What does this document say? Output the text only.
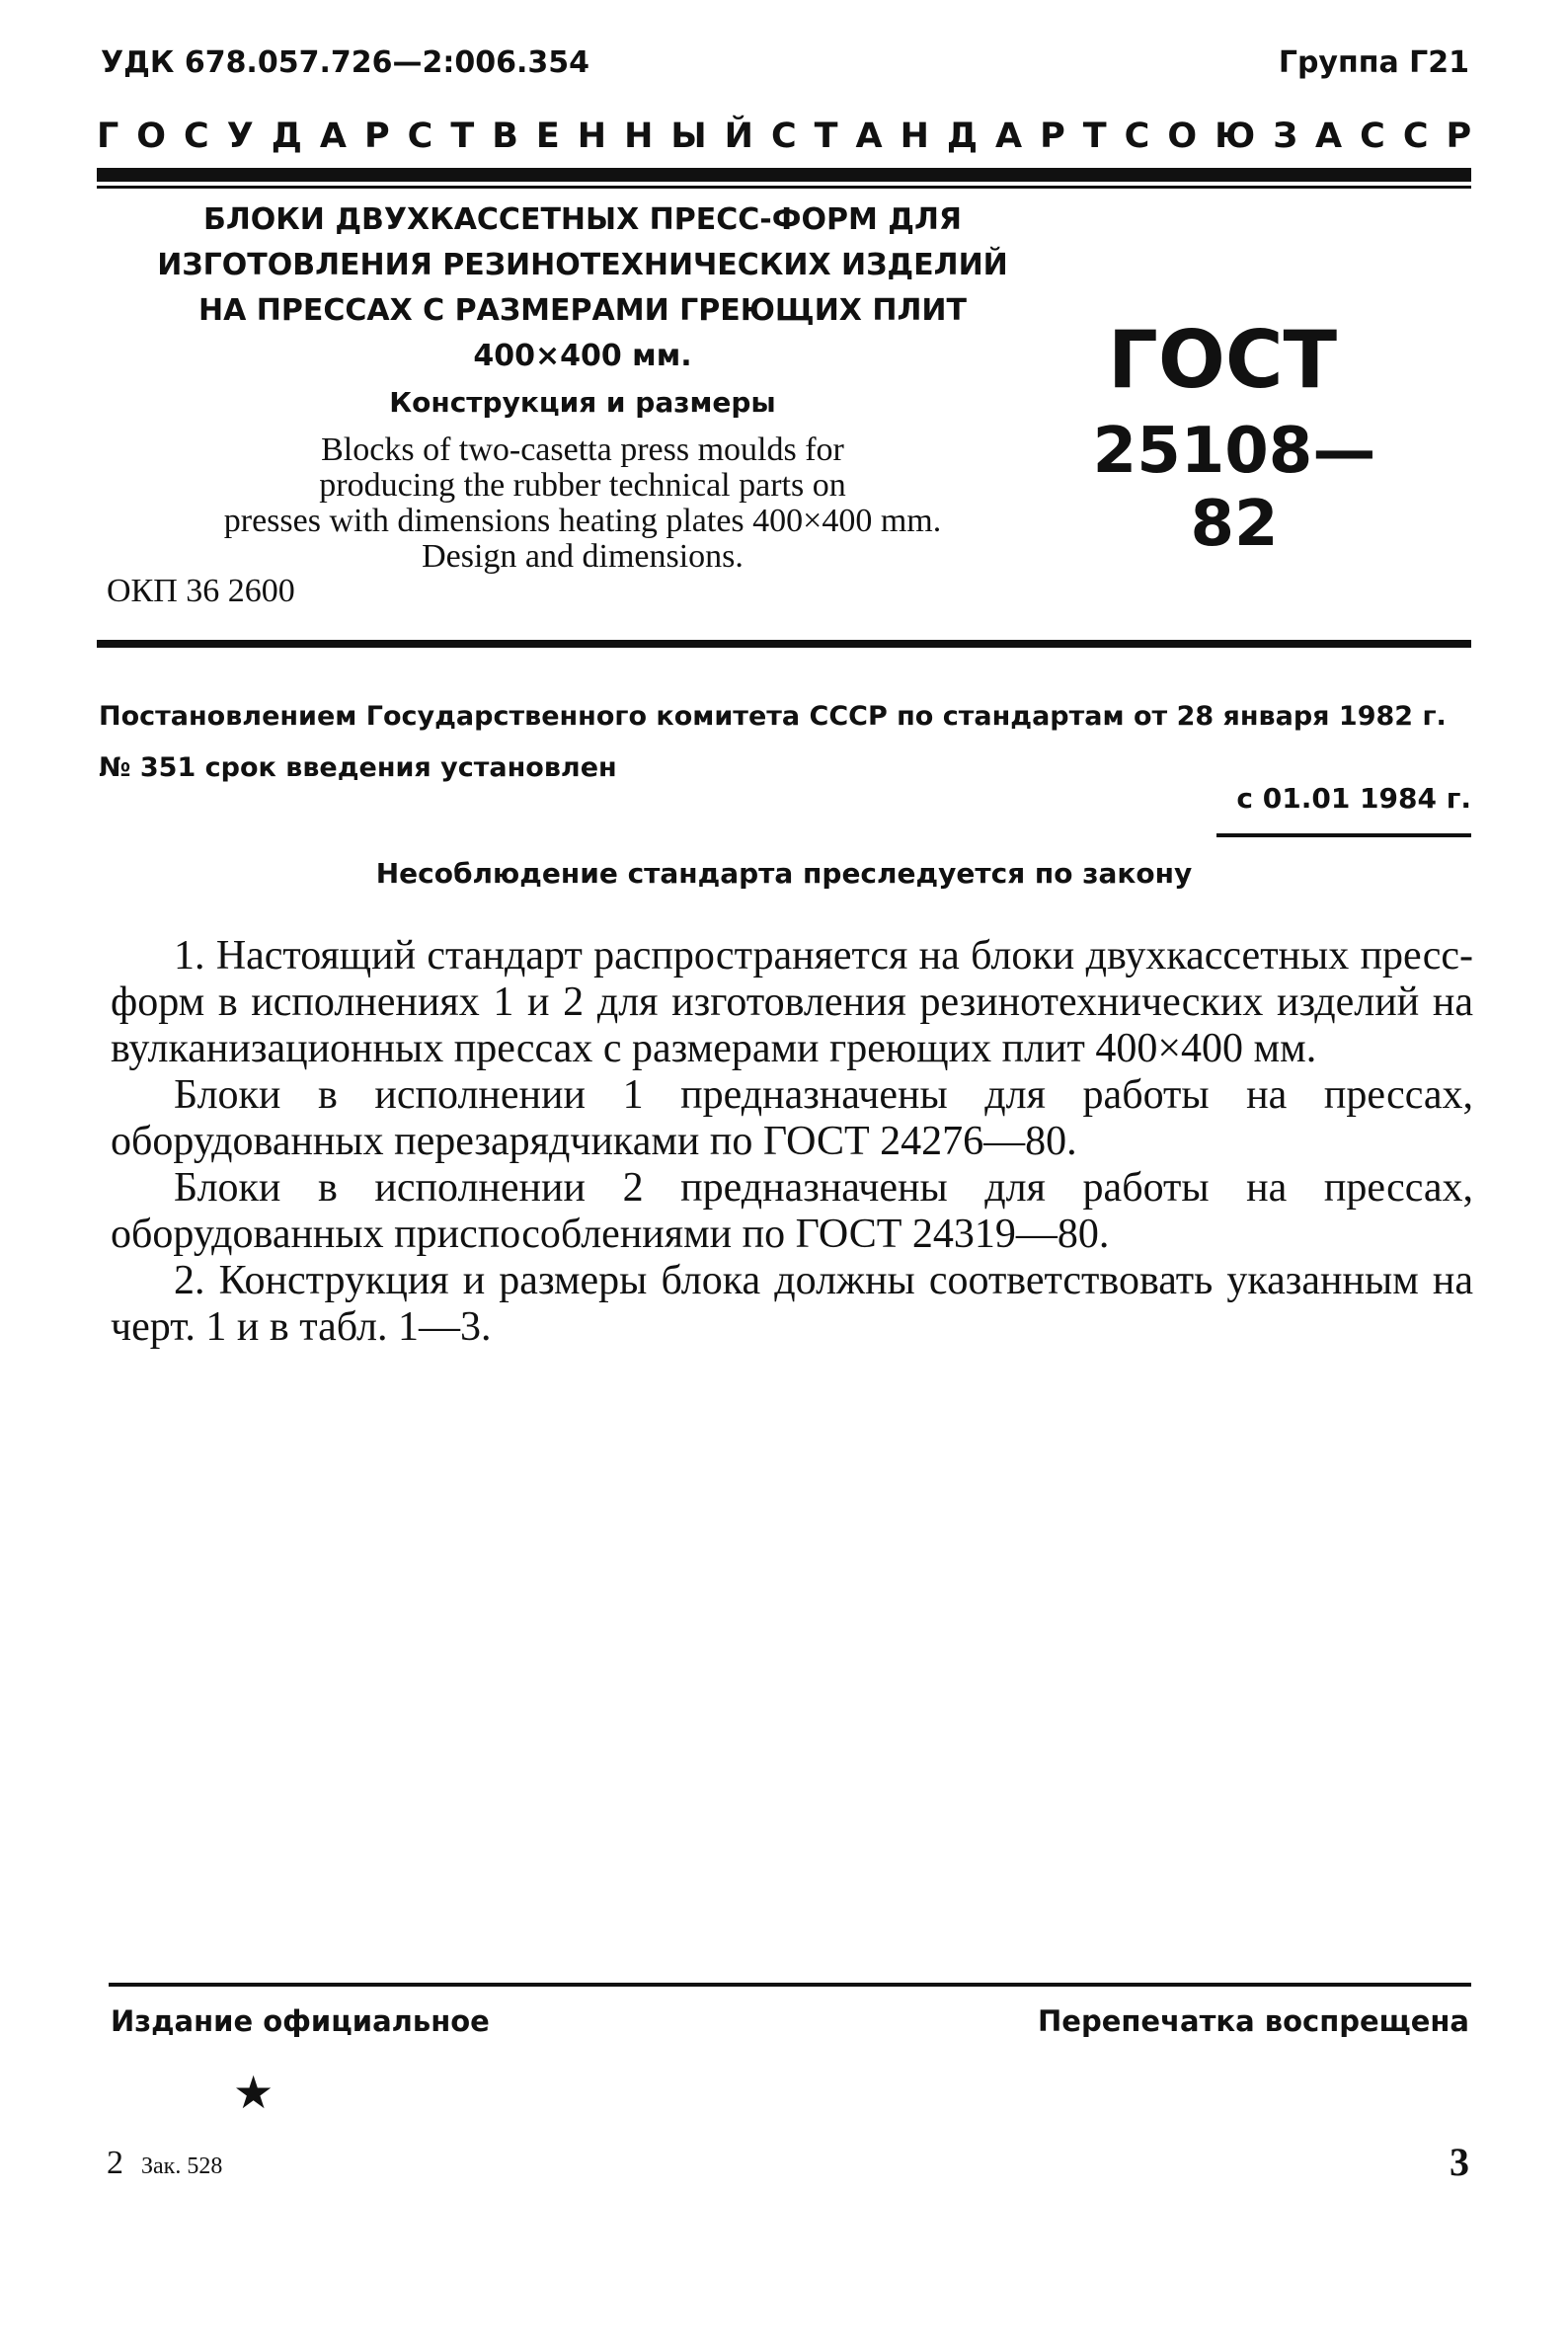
УДК 678.057.726—2:006.354	Группа Г21
ГОСУДАРСТВЕННЫЙ СТАНДАРТ СОЮЗА ССР
БЛОКИ ДВУХКАССЕТНЫХ ПРЕСС-ФОРМ ДЛЯ
ИЗГОТОВЛЕНИЯ РЕЗИНОТЕХНИЧЕСКИХ ИЗДЕЛИЙ
НА ПРЕССАХ С РАЗМЕРАМИ ГРЕЮЩИХ ПЛИТ
400×400 мм.
Конструкция и размеры
Blocks of two-casetta press moulds for
producing the rubber technical parts on
presses with dimensions heating plates 400×400 mm.
Design and dimensions.
ОКП 36 2600
ГОСТ
25108—82
Постановлением Государственного комитета СССР по стандартам от 28 января 1982 г. № 351 срок введения установлен
с 01.01 1984 г.
Несоблюдение стандарта преследуется по закону

1. Настоящий стандарт распространяется на блоки двухкассетных пресс-форм в исполнениях 1 и 2 для изготовления резинотехнических изделий на вулканизационных прессах с размерами греющих плит 400×400 мм.

Блоки в исполнении 1 предназначены для работы на прессах, оборудованных перезарядчиками по ГОСТ 24276—80.

Блоки в исполнении 2 предназначены для работы на прессах, оборудованных приспособлениями по ГОСТ 24319—80.

2. Конструкция и размеры блока должны соответствовать указанным на черт. 1 и в табл. 1—3.

Издание официальное	Перепечатка воспрещена
★
2 Зак. 528	3
